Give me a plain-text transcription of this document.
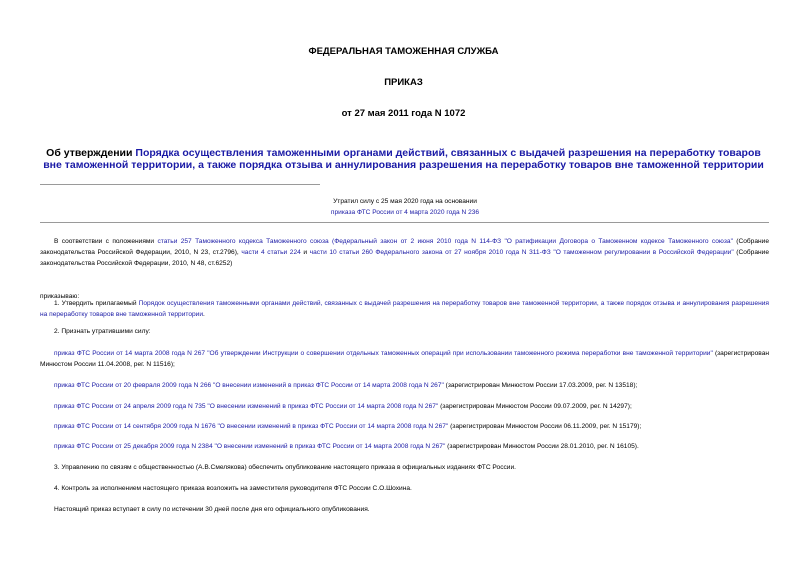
ФЕДЕРАЛЬНАЯ ТАМОЖЕННАЯ СЛУЖБА
ПРИКАЗ
от 27 мая 2011 года N 1072
Об утверждении Порядка осуществления таможенными органами действий, связанных с выдачей разрешения на переработку товаров вне таможенной территории, а также порядка отзыва и аннулирования разрешения на переработку товаров вне таможенной территории
Утратил силу с 25 мая 2020 года на основании
приказа ФТС России от 4 марта 2020 года N 236
В соответствии с положениями статьи 257 Таможенного кодекса Таможенного союза (Федеральный закон от 2 июня 2010 года N 114-ФЗ "О ратификации Договора о Таможенном кодексе Таможенного союза" (Собрание законодательства Российской Федерации, 2010, N 23, ст.2796), части 4 статьи 224 и части 10 статьи 260 Федерального закона от 27 ноября 2010 года N 311-ФЗ "О таможенном регулировании в Российской Федерации" (Собрание законодательства Российской Федерации, 2010, N 48, ст.6252)
приказываю:
1. Утвердить прилагаемый Порядок осуществления таможенными органами действий, связанных с выдачей разрешения на переработку товаров вне таможенной территории, а также порядок отзыва и аннулирования разрешения на переработку товаров вне таможенной территории.
2. Признать утратившими силу:
приказ ФТС России от 14 марта 2008 года N 267 "Об утверждении Инструкции о совершении отдельных таможенных операций при использовании таможенного режима переработки вне таможенной территории" (зарегистрирован Минюстом России 11.04.2008, рег. N 11516);
приказ ФТС России от 20 февраля 2009 года N 266 "О внесении изменений в приказ ФТС России от 14 марта 2008 года N 267" (зарегистрирован Минюстом России 17.03.2009, рег. N 13518);
приказ ФТС России от 24 апреля 2009 года N 735 "О внесении изменений в приказ ФТС России от 14 марта 2008 года N 267" (зарегистрирован Минюстом России 09.07.2009, рег. N 14297);
приказ ФТС России от 14 сентября 2009 года N 1676 "О внесении изменений в приказ ФТС России от 14 марта 2008 года N 267" (зарегистрирован Минюстом России 06.11.2009, рег. N 15179);
приказ ФТС России от 25 декабря 2009 года N 2384 "О внесении изменений в приказ ФТС России от 14 марта 2008 года N 267" (зарегистрирован Минюстом России 28.01.2010, рег. N 16105).
3. Управлению по связям с общественностью (А.В.Смелякова) обеспечить опубликование настоящего приказа в официальных изданиях ФТС России.
4. Контроль за исполнением настоящего приказа возложить на заместителя руководителя ФТС России С.О.Шохина.
Настоящий приказ вступает в силу по истечении 30 дней после дня его официального опубликования.
